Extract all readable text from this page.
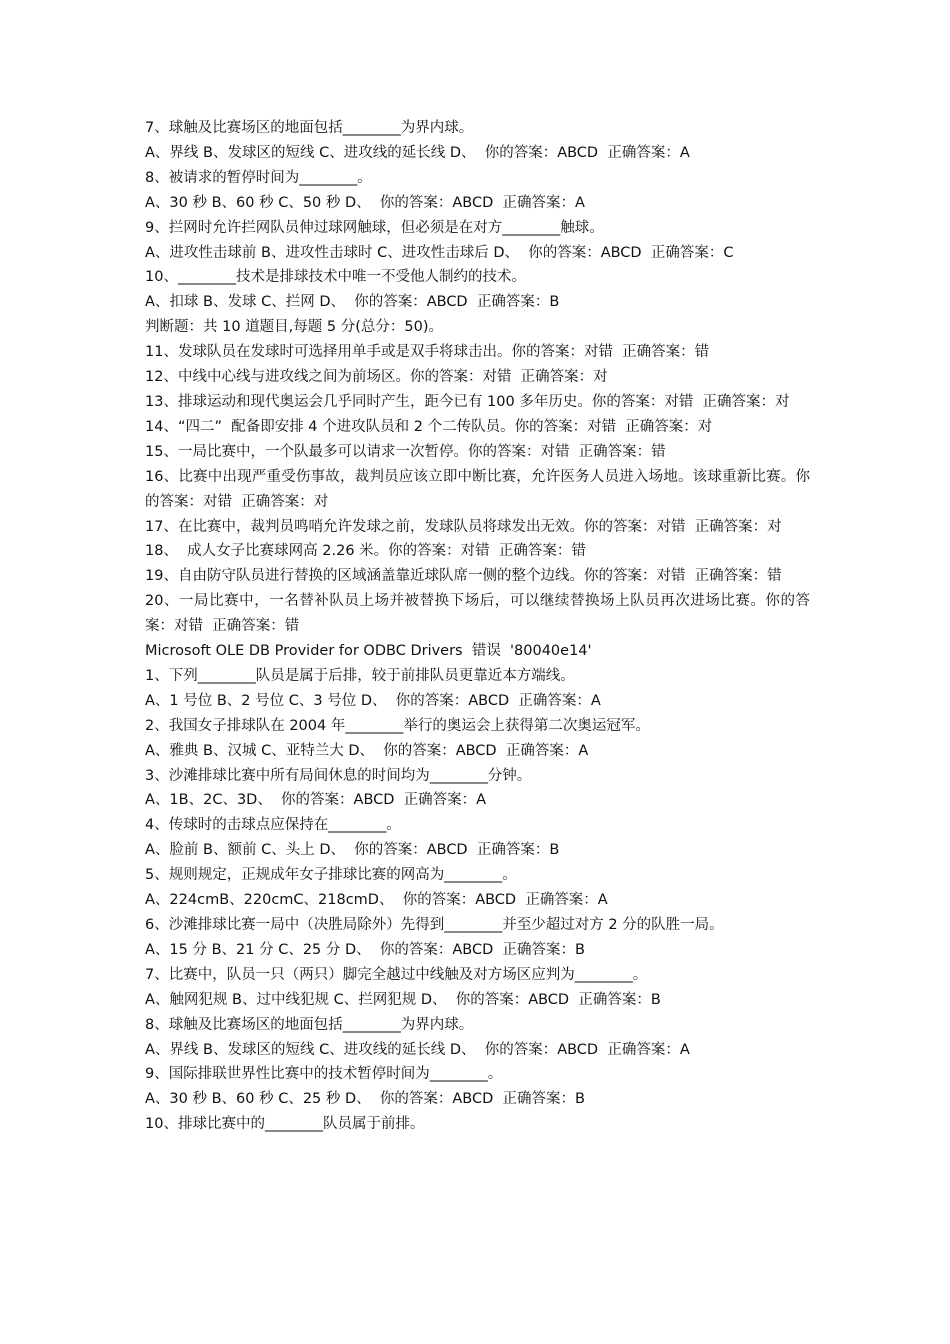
7、球触及比赛场区的地面包括________为界内球。

A、界线 B、发球区的短线 C、进攻线的延长线 D、  你的答案：ABCD  正确答案：A

8、被请求的暂停时间为________。

A、30 秒 B、60 秒 C、50 秒 D、  你的答案：ABCD  正确答案：A

9、拦网时允许拦网队员伸过球网触球，但必须是在对方________触球。

A、进攻性击球前 B、进攻性击球时 C、进攻性击球后 D、  你的答案：ABCD  正确答案：C

10、________技术是排球技术中唯一不受他人制约的技术。

A、扣球 B、发球 C、拦网 D、  你的答案：ABCD  正确答案：B

判断题：共 10 道题目,每题 5 分(总分：50)。

11、发球队员在发球时可选择用单手或是双手将球击出。你的答案：对错  正确答案：错

12、中线中心线与进攻线之间为前场区。你的答案：对错  正确答案：对

13、排球运动和现代奥运会几乎同时产生，距今已有 100 多年历史。你的答案：对错  正确答案：对

14、“四二”  配备即安排 4 个进攻队员和 2 个二传队员。你的答案：对错  正确答案：对

15、一局比赛中，一个队最多可以请求一次暂停。你的答案：对错  正确答案：错

16、比赛中出现严重受伤事故，裁判员应该立即中断比赛，允许医务人员进入场地。该球重新比赛。你的答案：对错  正确答案：对

17、在比赛中，裁判员鸣哨允许发球之前，发球队员将球发出无效。你的答案：对错  正确答案：对

18、  成人女子比赛球网高 2.26 米。你的答案：对错  正确答案：错

19、自由防守队员进行替换的区域涵盖靠近球队席一侧的整个边线。你的答案：对错  正确答案：错

20、一局比赛中，一名替补队员上场并被替换下场后，可以继续替换场上队员再次进场比赛。你的答案：对错  正确答案：错

Microsoft OLE DB Provider for ODBC Drivers  错误  '80040e14'

1、下列________队员是属于后排，较于前排队员更靠近本方端线。

A、1 号位 B、2 号位 C、3 号位 D、  你的答案：ABCD  正确答案：A

2、我国女子排球队在 2004 年________举行的奥运会上获得第二次奥运冠军。

A、雅典 B、汉城 C、亚特兰大 D、  你的答案：ABCD  正确答案：A

3、沙滩排球比赛中所有局间休息的时间均为________分钟。

A、1B、2C、3D、  你的答案：ABCD  正确答案：A

4、传球时的击球点应保持在________。

A、脸前 B、额前 C、头上 D、  你的答案：ABCD  正确答案：B

5、规则规定，正规成年女子排球比赛的网高为________。

A、224cmB、220cmC、218cmD、  你的答案：ABCD  正确答案：A

6、沙滩排球比赛一局中（决胜局除外）先得到________并至少超过对方 2 分的队胜一局。

A、15 分 B、21 分 C、25 分 D、  你的答案：ABCD  正确答案：B

7、比赛中，队员一只（两只）脚完全越过中线触及对方场区应判为________。

A、触网犯规 B、过中线犯规 C、拦网犯规 D、  你的答案：ABCD  正确答案：B

8、球触及比赛场区的地面包括________为界内球。

A、界线 B、发球区的短线 C、进攻线的延长线 D、  你的答案：ABCD  正确答案：A

9、国际排联世界性比赛中的技术暂停时间为________。

A、30 秒 B、60 秒 C、25 秒 D、  你的答案：ABCD  正确答案：B

10、排球比赛中的________队员属于前排。
